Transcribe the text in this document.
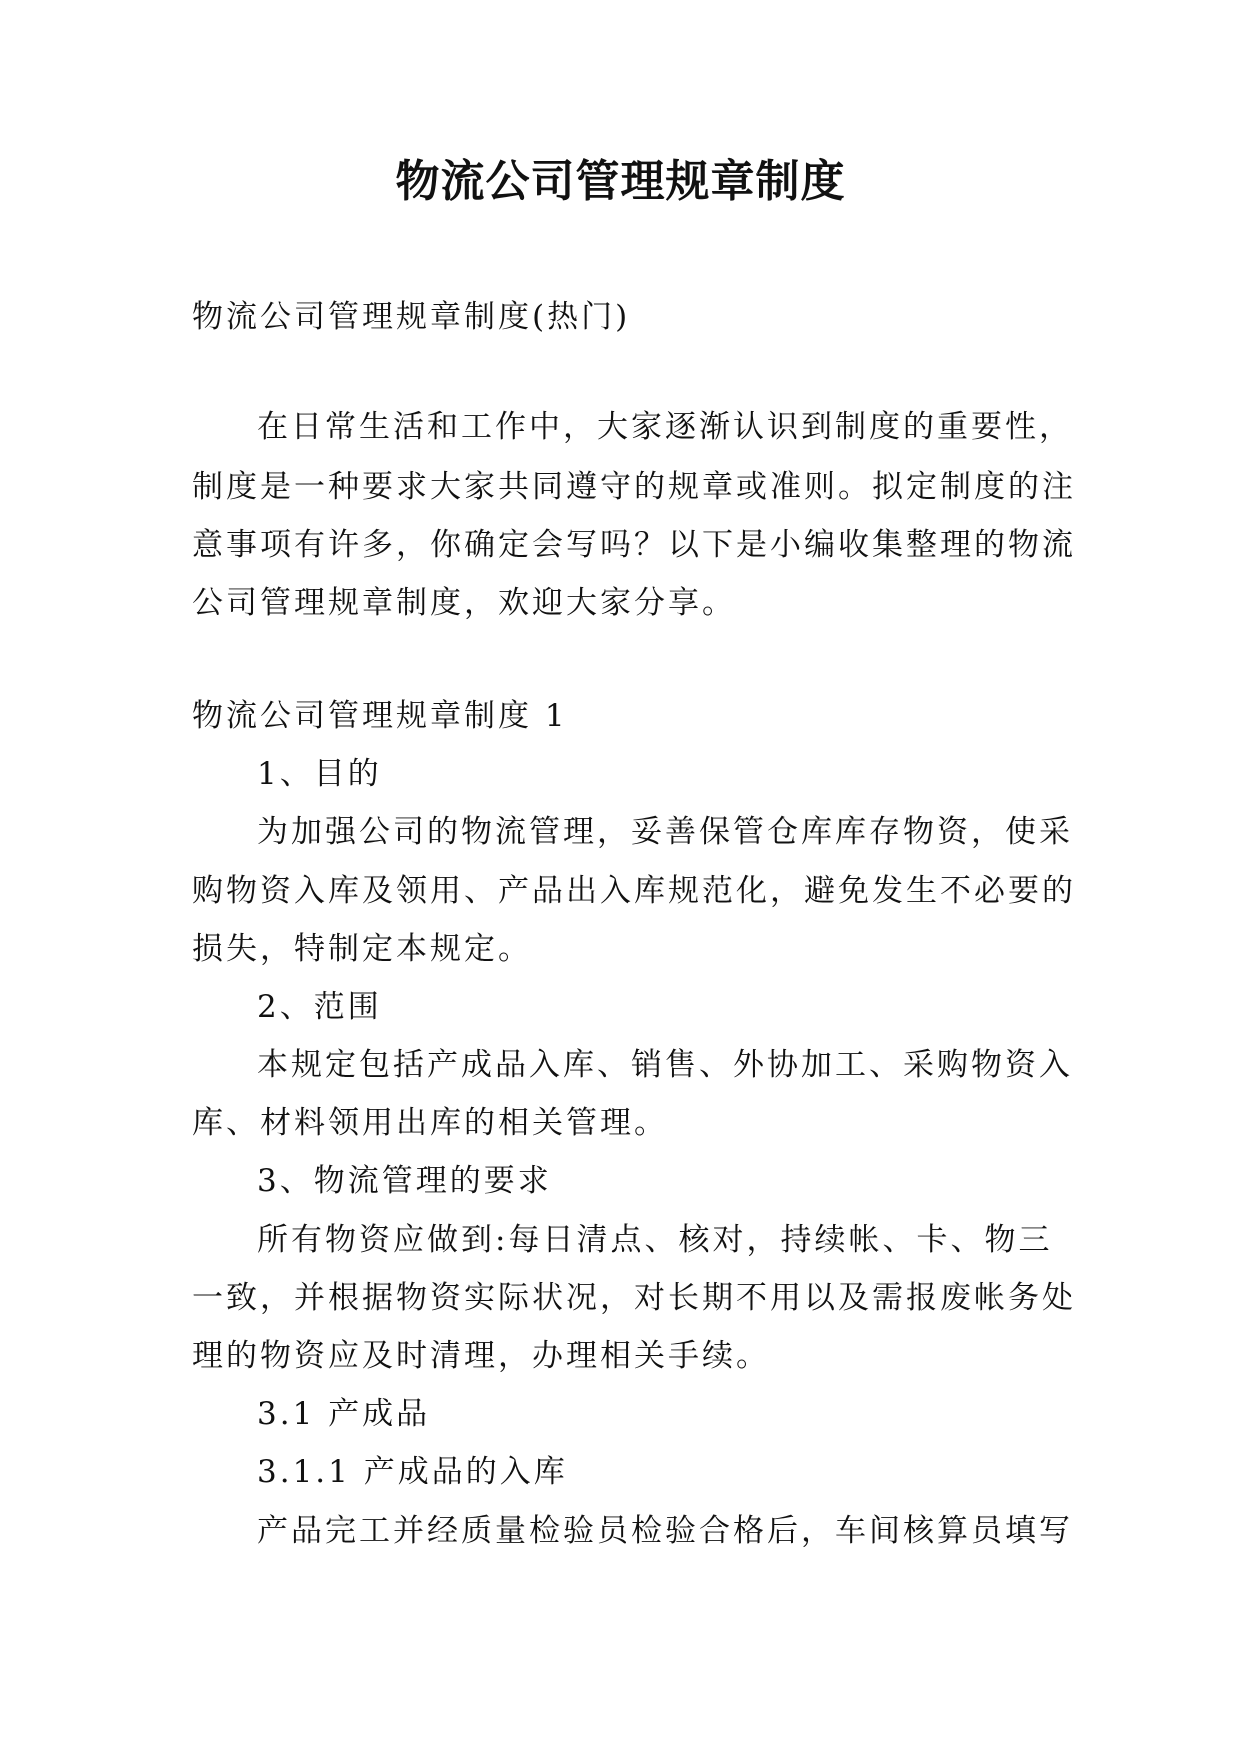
物流公司管理规章制度

物流公司管理规章制度(热门)

在日常生活和工作中，大家逐渐认识到制度的重要性，

制度是一种要求大家共同遵守的规章或准则。拟定制度的注

意事项有许多，你确定会写吗？以下是小编收集整理的物流

公司管理规章制度，欢迎大家分享。

物流公司管理规章制度 1

1、目的

为加强公司的物流管理，妥善保管仓库库存物资，使采

购物资入库及领用、产品出入库规范化，避免发生不必要的

损失，特制定本规定。

2、范围

本规定包括产成品入库、销售、外协加工、采购物资入

库、材料领用出库的相关管理。

3、物流管理的要求

所有物资应做到:每日清点、核对，持续帐、卡、物三

一致，并根据物资实际状况，对长期不用以及需报废帐务处

理的物资应及时清理，办理相关手续。

3.1 产成品

3.1.1 产成品的入库

产品完工并经质量检验员检验合格后，车间核算员填写
